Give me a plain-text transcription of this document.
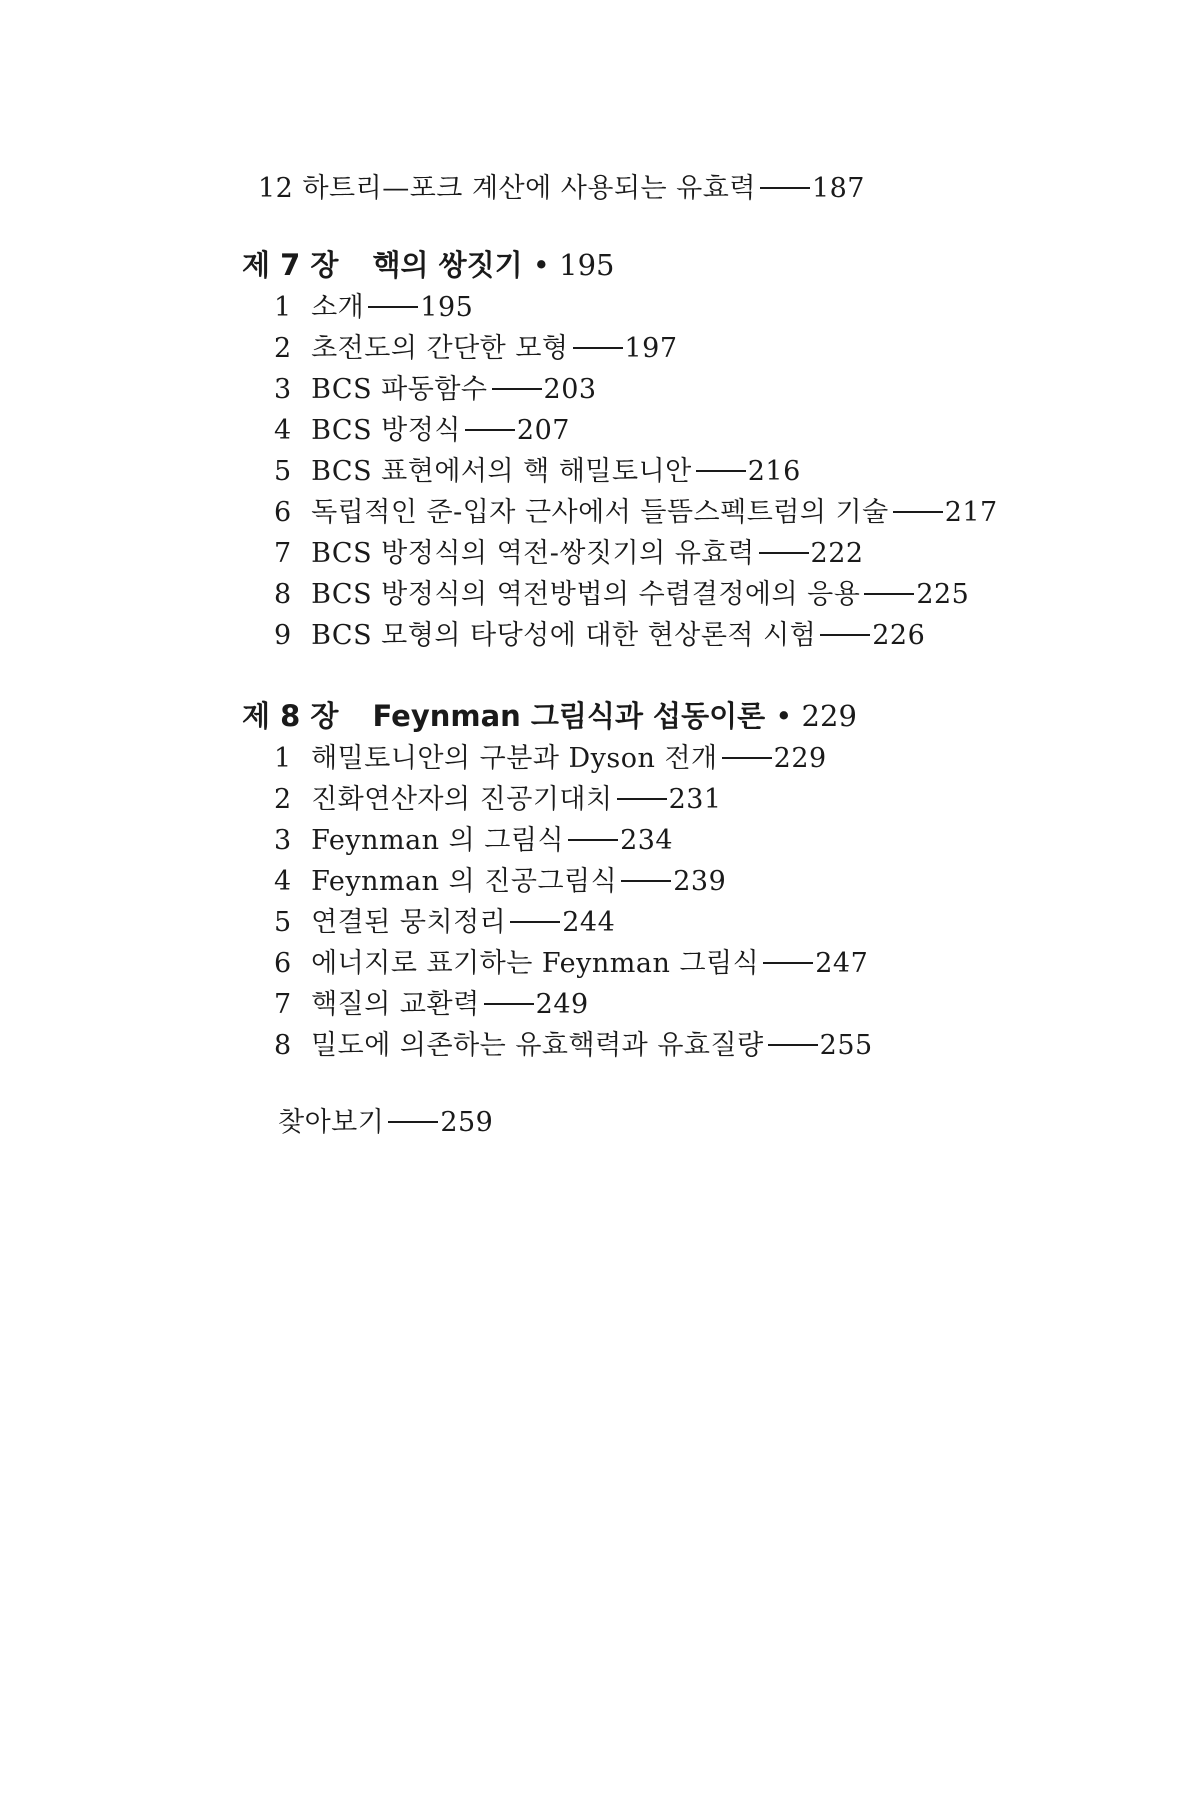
12 하트리—포크 계산에 사용되는 유효력 187
제 7 장 핵의 쌍짓기 • 195
1 소개 195
2 초전도의 간단한 모형 197
3 BCS 파동함수 203
4 BCS 방정식 207
5 BCS 표현에서의 핵 해밀토니안 216
6 독립적인 준-입자 근사에서 들뜸스펙트럼의 기술 217
7 BCS 방정식의 역전-쌍짓기의 유효력 222
8 BCS 방정식의 역전방법의 수렴결정에의 응용 225
9 BCS 모형의 타당성에 대한 현상론적 시험 226
제 8 장 Feynman 그림식과 섭동이론 • 229
1 해밀토니안의 구분과 Dyson 전개 229
2 진화연산자의 진공기대치 231
3 Feynman 의 그림식 234
4 Feynman 의 진공그림식 239
5 연결된 뭉치정리 244
6 에너지로 표기하는 Feynman 그림식 247
7 핵질의 교환력 249
8 밀도에 의존하는 유효핵력과 유효질량 255
찾아보기 259
